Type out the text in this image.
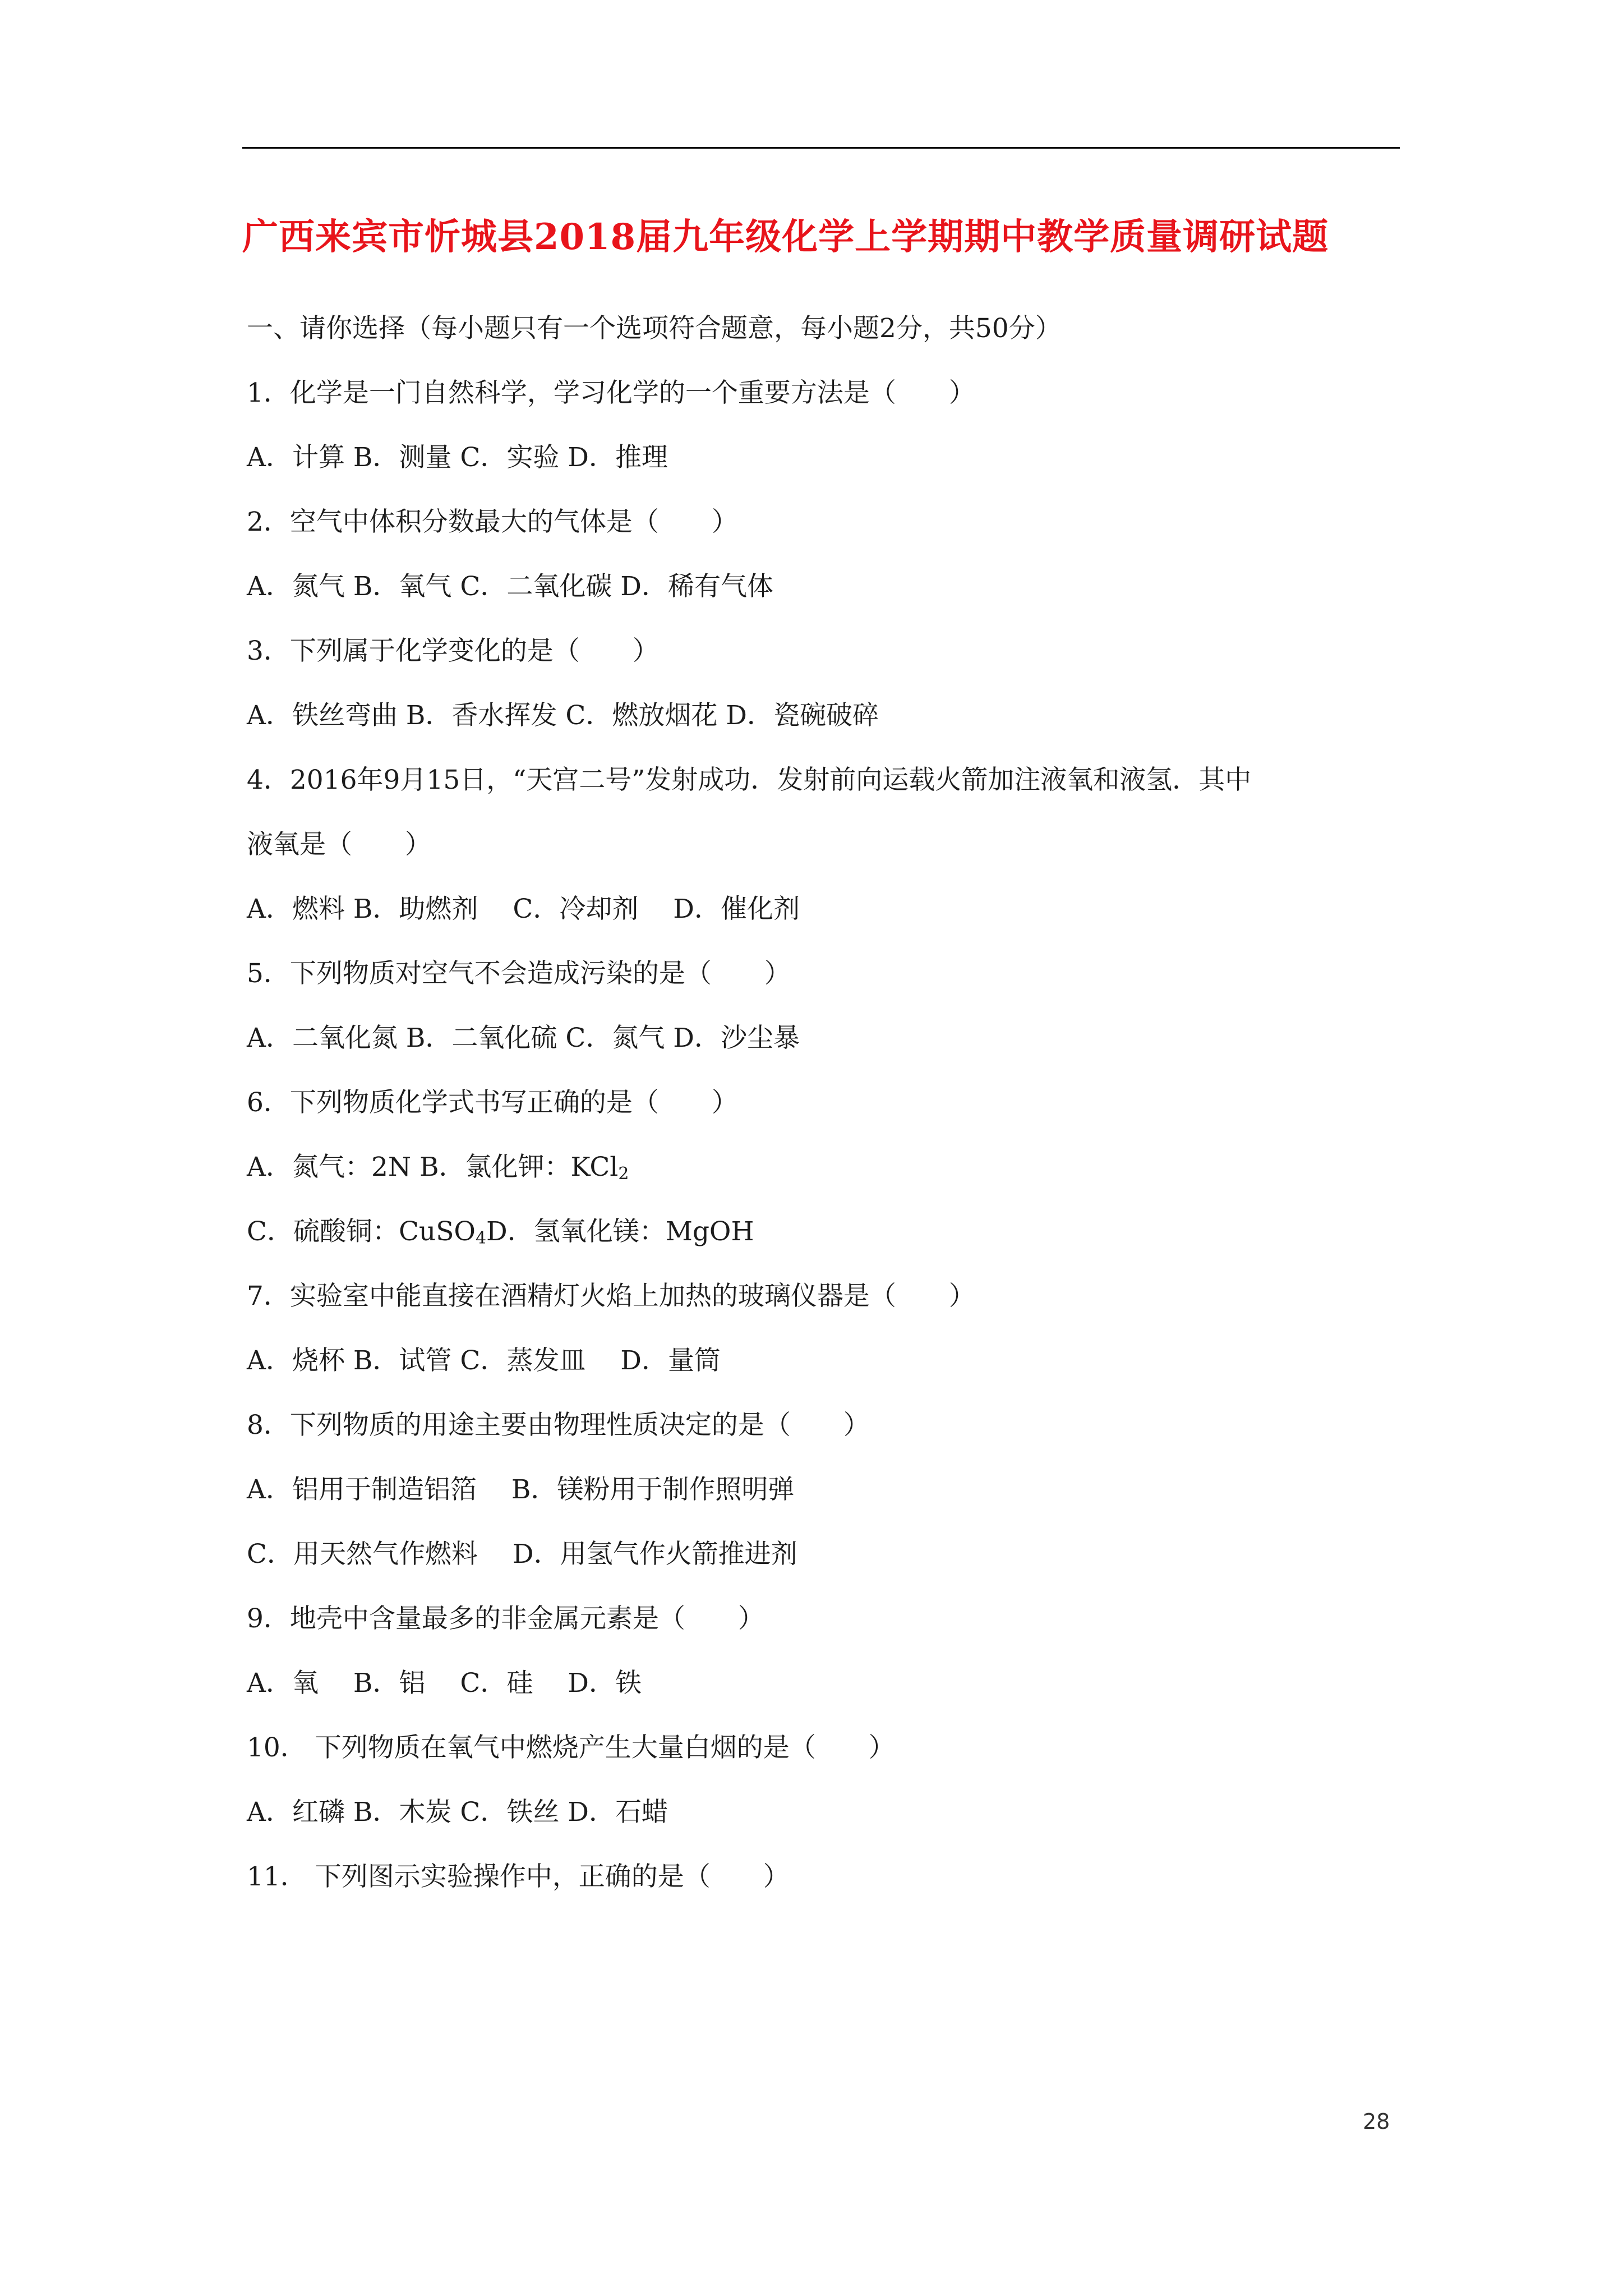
广西来宾市忻城县2018届九年级化学上学期期中教学质量调研试题
一、请你选择（每小题只有一个选项符合题意，每小题2分，共50分）
1．化学是一门自然科学，学习化学的一个重要方法是（　　）
A．计算 B．测量 C．实验 D．推理
2．空气中体积分数最大的气体是（　　）
A．氮气 B．氧气 C．二氧化碳 D．稀有气体
3．下列属于化学变化的是（　　）
A．铁丝弯曲 B．香水挥发 C．燃放烟花 D．瓷碗破碎
4．2016年9月15日，“天宫二号”发射成功．发射前向运载火箭加注液氧和液氢．其中
液氧是（　　）
A．燃料 B．助燃剂　 C．冷却剂　 D．催化剂
5．下列物质对空气不会造成污染的是（　　）
A．二氧化氮 B．二氧化硫 C．氮气 D．沙尘暴
6．下列物质化学式书写正确的是（　　）
A．氮气：2N B．氯化钾：KCl$_2$
C．硫酸铜：CuSO$_4$D．氢氧化镁：MgOH
7．实验室中能直接在酒精灯火焰上加热的玻璃仪器是（　　）
A．烧杯 B．试管 C．蒸发皿　 D．量筒
8．下列物质的用途主要由物理性质决定的是（　　）
A．铝用于制造铝箔　 B．镁粉用于制作照明弹
C．用天然气作燃料　 D．用氢气作火箭推进剂
9．地壳中含量最多的非金属元素是（　　）
A．氧　 B．铝　 C．硅　 D．铁
10． 下列物质在氧气中燃烧产生大量白烟的是（　　）
A．红磷 B．木炭 C．铁丝 D．石蜡
11． 下列图示实验操作中，正确的是（　　）
28
